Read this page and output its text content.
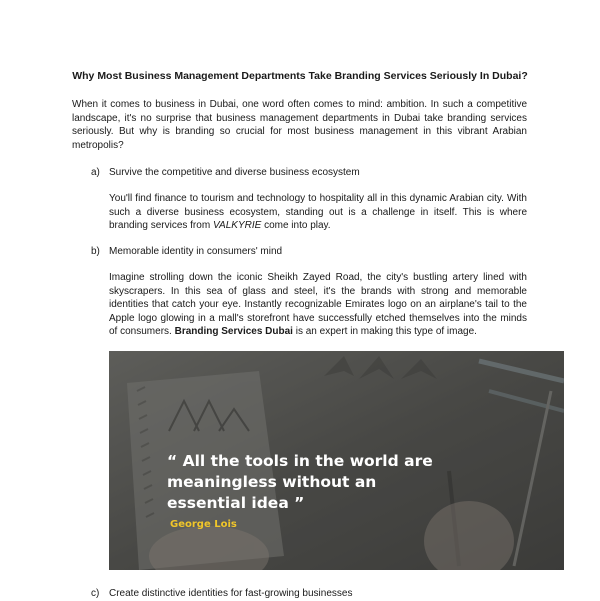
Why Most Business Management Departments Take Branding Services Seriously In Dubai?

When it comes to business in Dubai, one word often comes to mind: ambition. In such a competitive landscape, it's no surprise that business management departments in Dubai take branding services seriously. But why is branding so crucial for most business management in this vibrant Arabian metropolis?

a) Survive the competitive and diverse business ecosystem

You'll find finance to tourism and technology to hospitality all in this dynamic Arabian city. With such a diverse business ecosystem, standing out is a challenge in itself. This is where branding services from VALKYRIE come into play.

b) Memorable identity in consumers' mind

Imagine strolling down the iconic Sheikh Zayed Road, the city's bustling artery lined with skyscrapers. In this sea of glass and steel, it's the brands with strong and memorable identities that catch your eye. Instantly recognizable Emirates logo on an airplane's tail to the Apple logo glowing in a mall's storefront have successfully etched themselves into the minds of consumers. Branding Services Dubai is an expert in making this type of image.

“ All the tools in the world are
meaningless without an
essential idea ”
George Lois
c) Create distinctive identities for fast-growing businesses
